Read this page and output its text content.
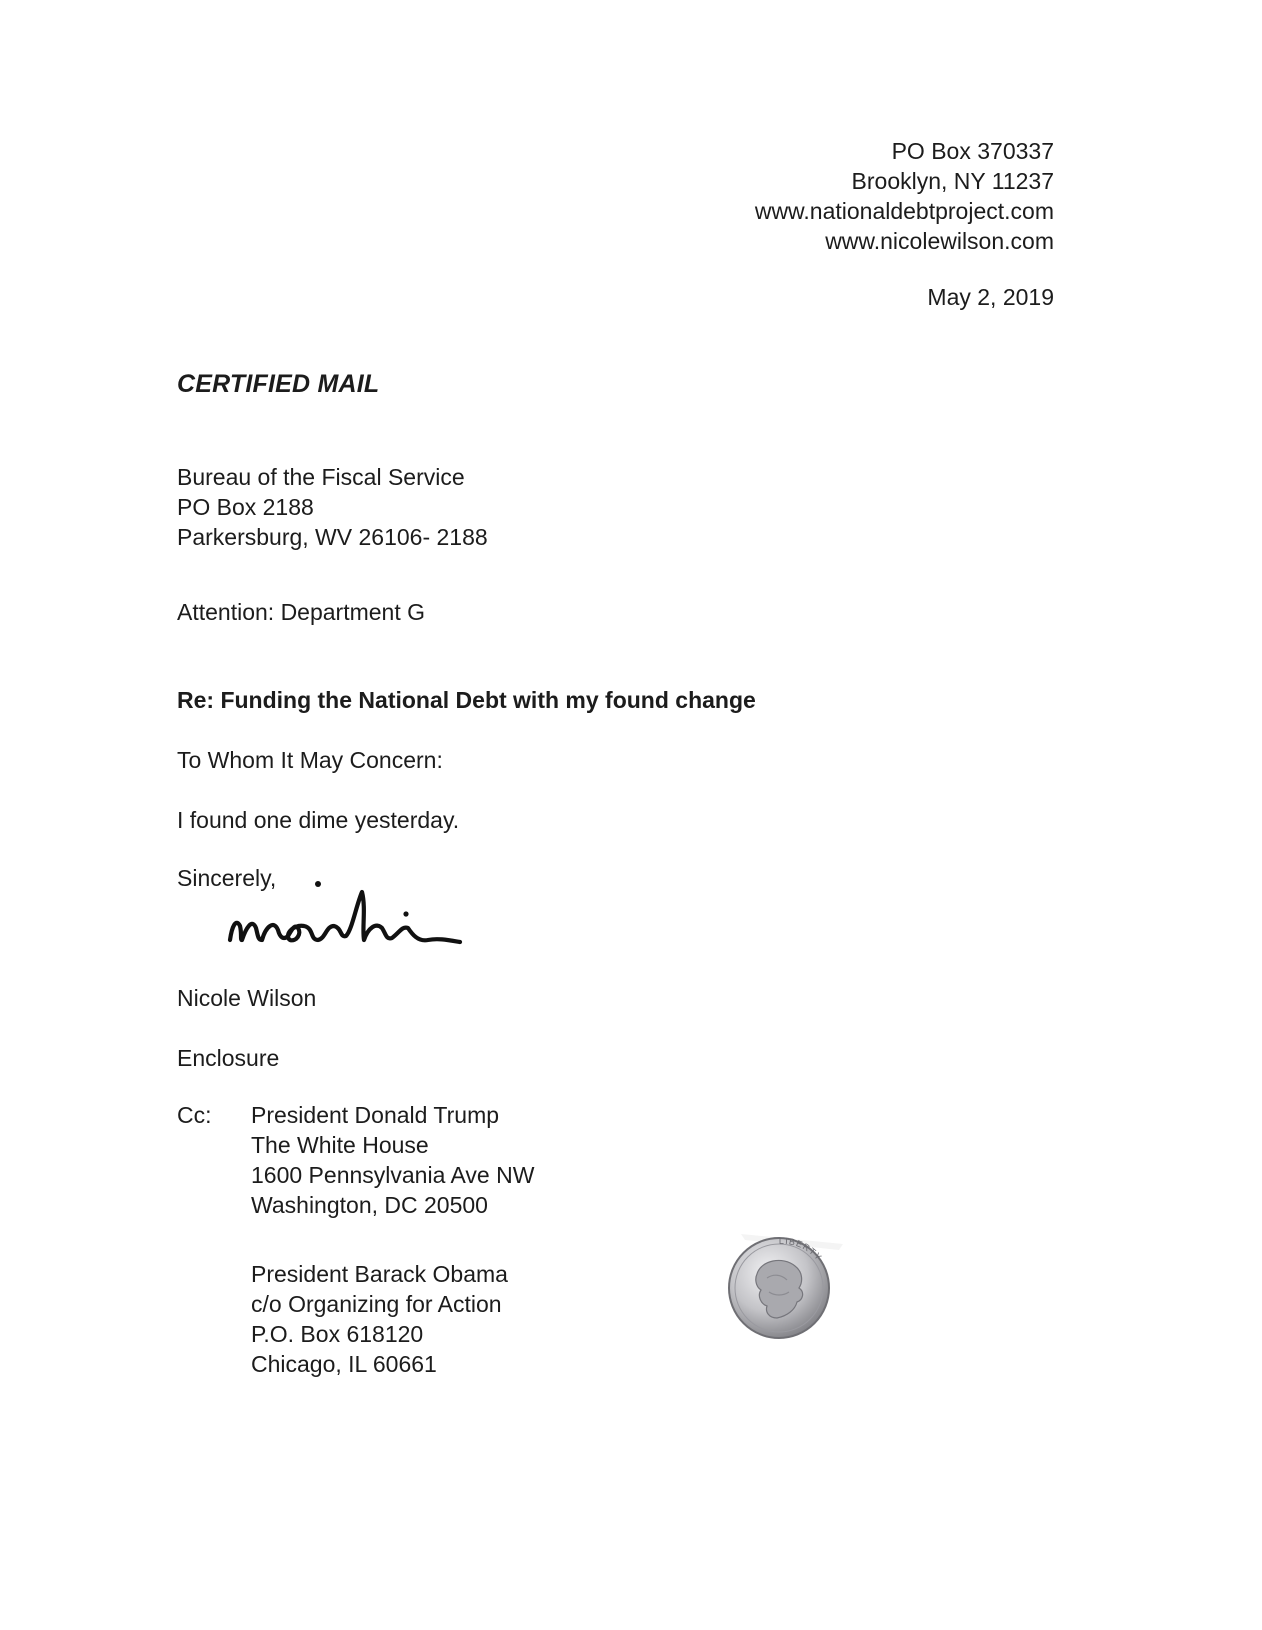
PO Box 370337
Brooklyn, NY 11237
www.nationaldebtproject.com
www.nicolewilson.com
May 2, 2019
CERTIFIED MAIL
Bureau of the Fiscal Service
PO Box 2188
Parkersburg, WV 26106- 2188
Attention: Department G
Re: Funding the National Debt with my found change
To Whom It May Concern:
I found one dime yesterday.
Sincerely,
Nicole Wilson
Enclosure
Cc: President Donald Trump
The White House
1600 Pennsylvania Ave NW
Washington, DC 20500
President Barack Obama
c/o Organizing for Action
P.O. Box 618120
Chicago, IL 60661
LIBERTY
